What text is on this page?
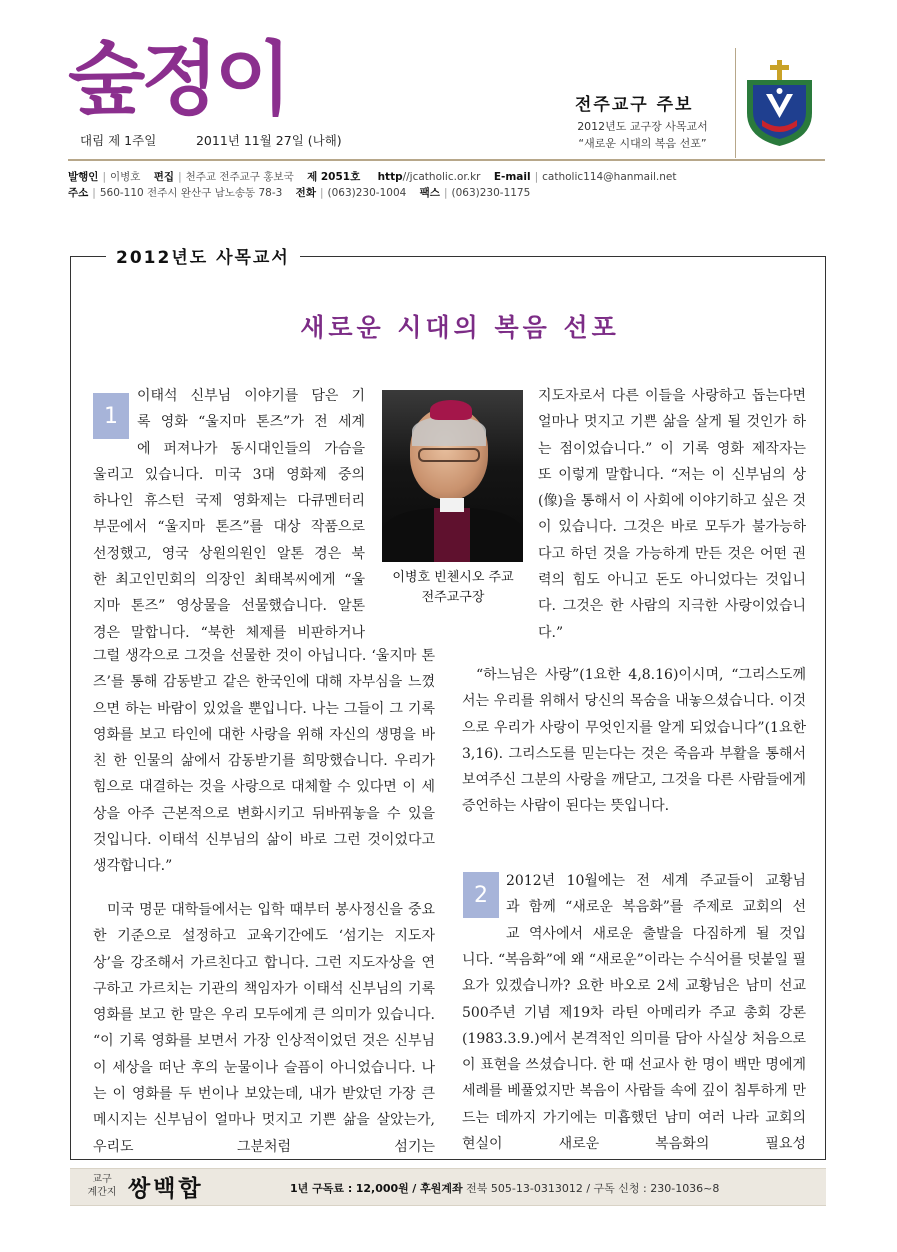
숲정이
대림 제 1주일	2011년 11월 27일 (나해)
전주교구 주보
2012년도 교구장 사목교서
“새로운 시대의 복음 선포”
발행인 | 이병호 편집 | 천주교 전주교구 홍보국 제 2051호 http//jcatholic.or.kr E-mail | catholic114@hanmail.net
주소 | 560-110 전주시 완산구 남노송동 78-3 전화 | (063)230-1004 팩스 | (063)230-1175
2012년도 사목교서
새로운 시대의 복음 선포
1
이태석 신부님 이야기를 담은 기
록 영화 “울지마 톤즈”가 전 세계
에 퍼져나가 동시대인들의 가슴을
울리고 있습니다. 미국 3대 영화제 중의
하나인 휴스턴 국제 영화제는 다큐멘터리
부문에서 “울지마 톤즈”를 대상 작품으로
선정했고, 영국 상원의원인 알톤 경은 북
한 최고인민회의 의장인 최태복씨에게 “울
지마 톤즈” 영상물을 선물했습니다. 알톤
경은 말합니다. “북한 체제를 비판하거나

그럴 생각으로 그것을 선물한 것이 아닙니다. ‘울지마 톤즈’를 통해 감동받고 같은 한국인에 대해 자부심을 느꼈으면 하는 바람이 있었을 뿐입니다. 나는 그들이 그 기록 영화를 보고 타인에 대한 사랑을 위해 자신의 생명을 바친 한 인물의 삶에서 감동받기를 희망했습니다. 우리가 힘으로 대결하는 것을 사랑으로 대체할 수 있다면 이 세상을 아주 근본적으로 변화시키고 뒤바꿔놓을 수 있을 것입니다. 이태석 신부님의 삶이 바로 그런 것이었다고 생각합니다.”

이병호 빈첸시오 주교
전주교구장

미국 명문 대학들에서는 입학 때부터 봉사정신을 중요한 기준으로 설정하고 교육기간에도 ‘섬기는 지도자상’을 강조해서 가르친다고 합니다. 그런 지도자상을 연구하고 가르치는 기관의 책임자가 이태석 신부님의 기록 영화를 보고 한 말은 우리 모두에게 큰 의미가 있습니다. “이 기록 영화를 보면서 가장 인상적이었던 것은 신부님이 세상을 떠난 후의 눈물이나 슬픔이 아니었습니다. 나는 이 영화를 두 번이나 보았는데, 내가 받았던 가장 큰 메시지는 신부님이 얼마나 멋지고 기쁜 삶을 살았는가, 우리도 그분처럼 섬기는

지도자로서 다른 이들을 사랑하고 돕는다면 얼마나 멋지고 기쁜 삶을 살게 될 것인가 하는 점이었습니다.” 이 기록 영화 제작자는 또 이렇게 말합니다. “저는 이 신부님의 상(像)을 통해서 이 사회에 이야기하고 싶은 것이 있습니다. 그것은 바로 모두가 불가능하다고 하던 것을 가능하게 만든 것은 어떤 권력의 힘도 아니고 돈도 아니었다는 것입니다. 그것은 한 사람의 지극한 사랑이었습니다.”

“하느님은 사랑”(1요한 4,8.16)이시며, “그리스도께서는 우리를 위해서 당신의 목숨을 내놓으셨습니다. 이것으로 우리가 사랑이 무엇인지를 알게 되었습니다”(1요한 3,16). 그리스도를 믿는다는 것은 죽음과 부활을 통해서 보여주신 그분의 사랑을 깨닫고, 그것을 다른 사람들에게 증언하는 사람이 된다는 뜻입니다.

2
2012년 10월에는 전 세계 주교들이 교황님
과 함께 “새로운 복음화”를 주제로 교회의 선
교 역사에서 새로운 출발을 다짐하게 될 것입

니다. “복음화”에 왜 “새로운”이라는 수식어를 덧붙일 필요가 있겠습니까? 요한 바오로 2세 교황님은 남미 선교 500주년 기념 제19차 라틴 아메리카 주교 총회 강론(1983.3.9.)에서 본격적인 의미를 담아 사실상 처음으로 이 표현을 쓰셨습니다. 한 때 선교사 한 명이 백만 명에게 세례를 베풀었지만 복음이 사람들 속에 깊이 침투하게 만드는 데까지 가기에는 미흡했던 남미 여러 나라 교회의 현실이 새로운 복음화의 필요성

교구
계간지 쌍백합	1년 구독료 : 12,000원 / 후원계좌 전북 505-13-0313012 / 구독 신청 : 230-1036~8
